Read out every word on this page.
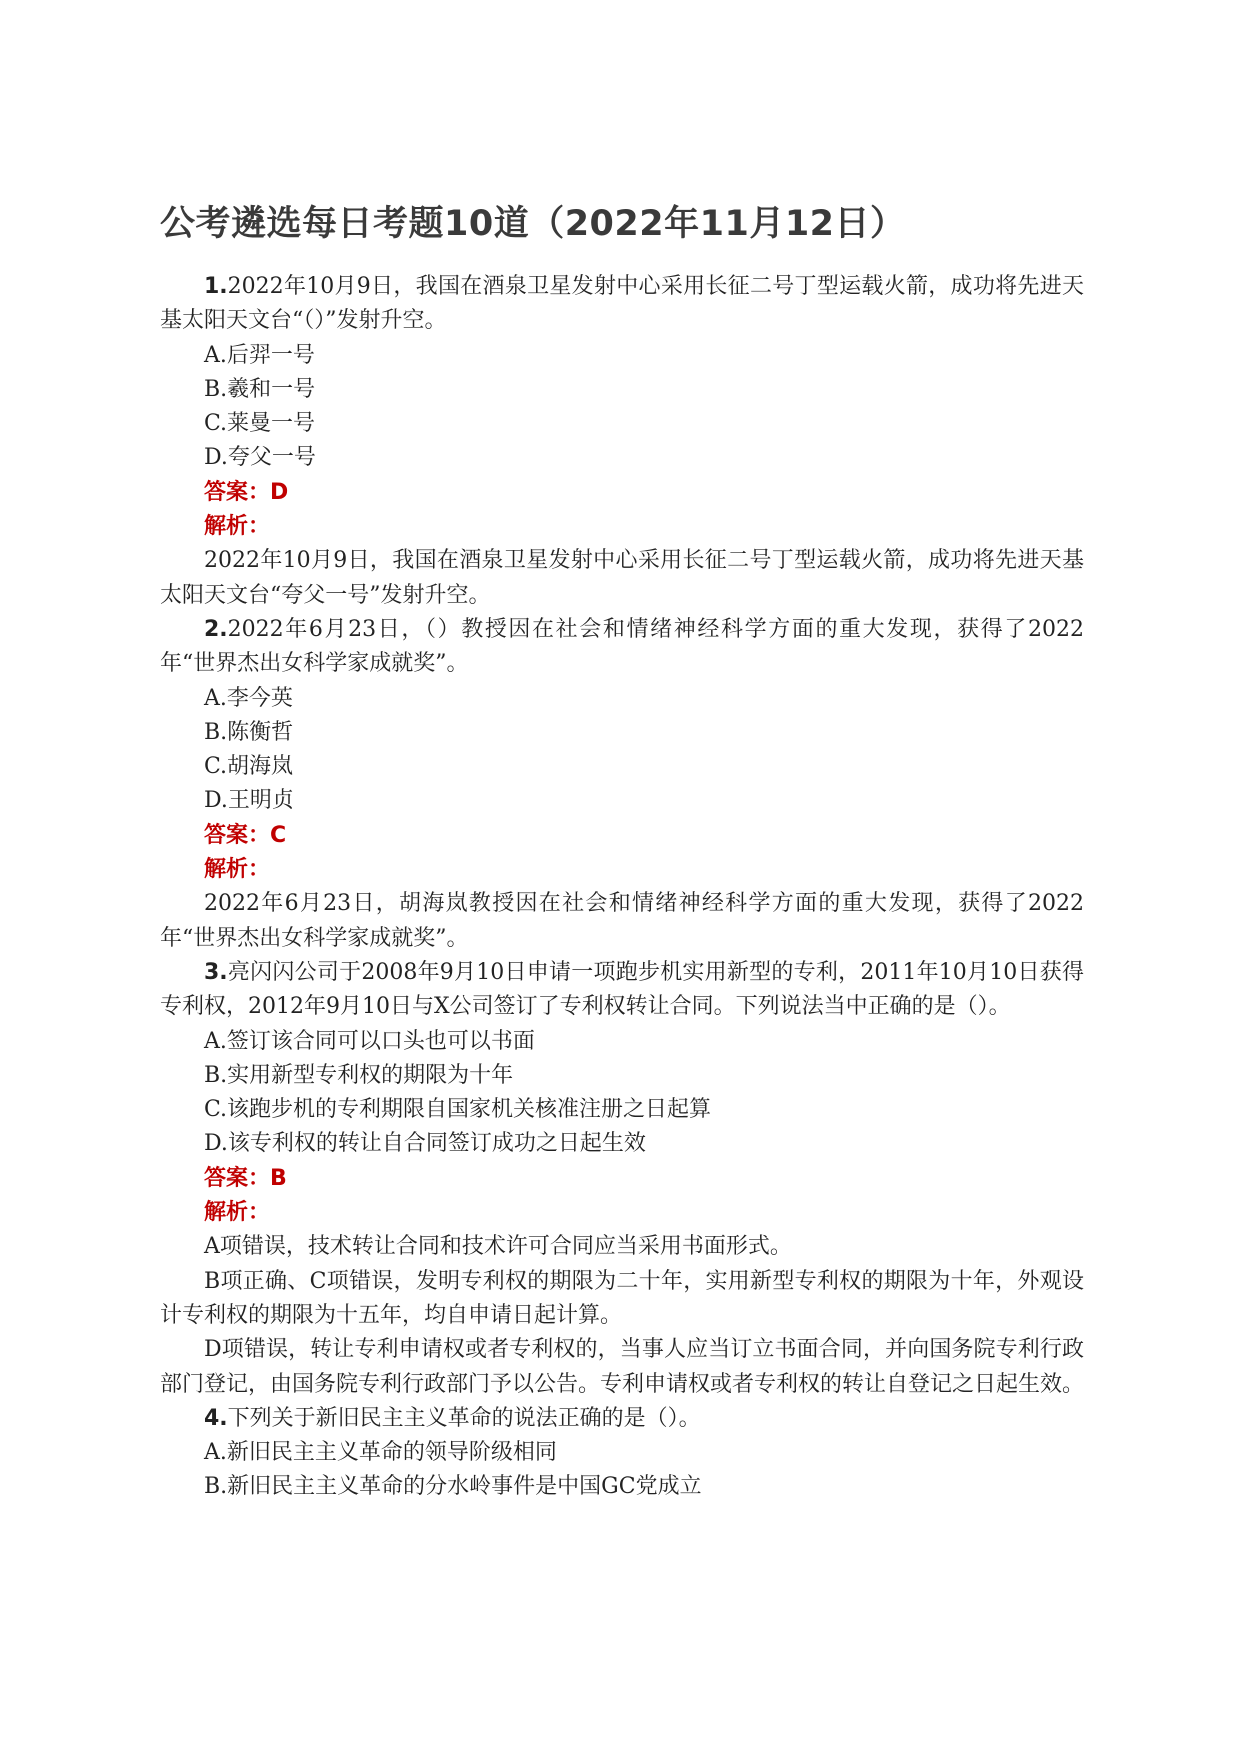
公考遴选每日考题10道（2022年11月12日）

1.2022年10月9日，我国在酒泉卫星发射中心采用长征二号丁型运载火箭，成功将先进天基太阳天文台“（）”发射升空。

A.后羿一号

B.羲和一号

C.莱曼一号

D.夸父一号

答案：D

解析：

2022年10月9日，我国在酒泉卫星发射中心采用长征二号丁型运载火箭，成功将先进天基太阳天文台“夸父一号”发射升空。

2.2022年6月23日，（）教授因在社会和情绪神经科学方面的重大发现，获得了2022年“世界杰出女科学家成就奖”。

A.李今英

B.陈衡哲

C.胡海岚

D.王明贞

答案：C

解析：

2022年6月23日，胡海岚教授因在社会和情绪神经科学方面的重大发现，获得了2022年“世界杰出女科学家成就奖”。

3.亮闪闪公司于2008年9月10日申请一项跑步机实用新型的专利，2011年10月10日获得专利权，2012年9月10日与X公司签订了专利权转让合同。下列说法当中正确的是（）。

A.签订该合同可以口头也可以书面

B.实用新型专利权的期限为十年

C.该跑步机的专利期限自国家机关核准注册之日起算

D.该专利权的转让自合同签订成功之日起生效

答案：B

解析：

A项错误，技术转让合同和技术许可合同应当采用书面形式。

B项正确、C项错误，发明专利权的期限为二十年，实用新型专利权的期限为十年，外观设计专利权的期限为十五年，均自申请日起计算。

D项错误，转让专利申请权或者专利权的，当事人应当订立书面合同，并向国务院专利行政部门登记，由国务院专利行政部门予以公告。专利申请权或者专利权的转让自登记之日起生效。

4.下列关于新旧民主主义革命的说法正确的是（）。

A.新旧民主主义革命的领导阶级相同

B.新旧民主主义革命的分水岭事件是中国GC党成立
